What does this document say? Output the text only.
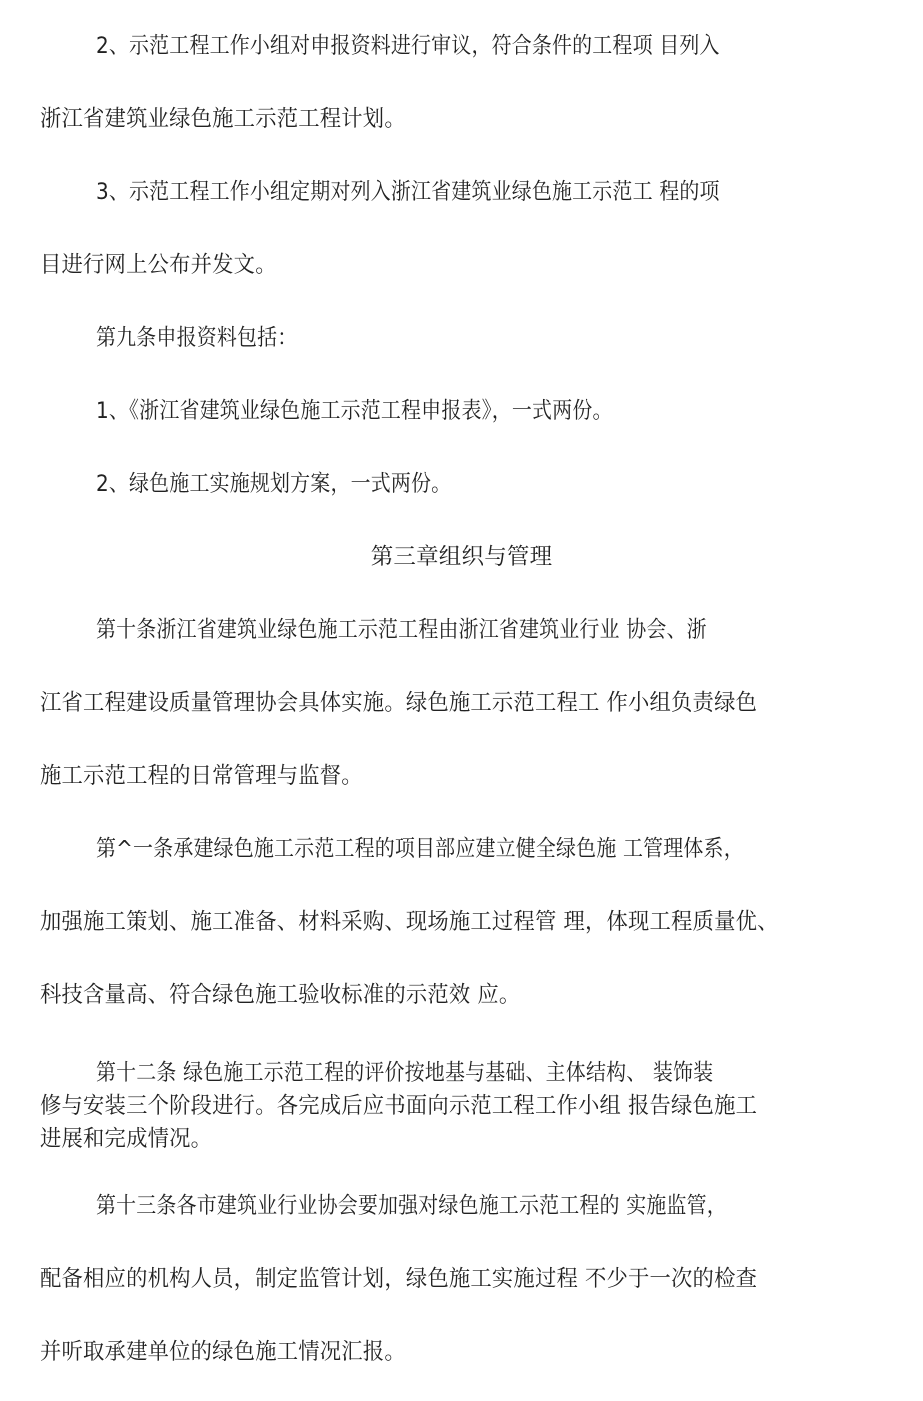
2、示范工程工作小组对申报资料进行审议，符合条件的工程项 目列入
浙江省建筑业绿色施工示范工程计划。
3、示范工程工作小组定期对列入浙江省建筑业绿色施工示范工 程的项
目进行网上公布并发文。
第九条申报资料包括：
1、《浙江省建筑业绿色施工示范工程申报表》，一式两份。
2、绿色施工实施规划方案，一式两份。
第三章组织与管理
第十条浙江省建筑业绿色施工示范工程由浙江省建筑业行业 协会、浙
江省工程建设质量管理协会具体实施。绿色施工示范工程工 作小组负责绿色
施工示范工程的日常管理与监督。
第^一条承建绿色施工示范工程的项目部应建立健全绿色施 工管理体系，
加强施工策划、施工准备、材料采购、现场施工过程管 理，体现工程质量优、
科技含量高、符合绿色施工验收标准的示范效 应。
第十二条 绿色施工示范工程的评价按地基与基础、主体结构、 装饰装
修与安装三个阶段进行。各完成后应书面向示范工程工作小组 报告绿色施工
进展和完成情况。
第十三条各市建筑业行业协会要加强对绿色施工示范工程的 实施监管，
配备相应的机构人员，制定监管计划，绿色施工实施过程 不少于一次的检查
并听取承建单位的绿色施工情况汇报。
